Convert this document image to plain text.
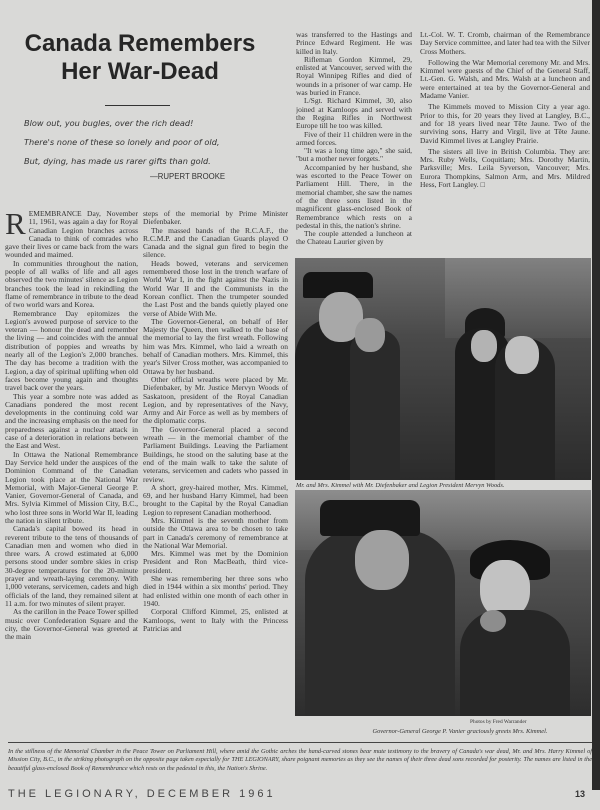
Canada Remembers
Her War-Dead
Blow out, you bugles, over the rich dead!
There's none of these so lonely and poor of old,
But, dying, has made us rarer gifts than gold.
—RUPERT BROOKE

REMEMBRANCE Day, November 11, 1961, was again a day for Royal Canadian Legion branches across Canada to think of comrades who gave their lives or came back from the wars wounded and maimed.

In communities throughout the nation, people of all walks of life and all ages observed the two minutes' silence as Legion branches took the lead in rekindling the flame of remembrance in tribute to the dead of two world wars and Korea.

Remembrance Day epitomizes the Legion's avowed purpose of service to the veteran — honour the dead and remember the living — and coincides with the annual distribution of poppies and wreaths by nearly all of the Legion's 2,000 branches. The day has become a tradition with the Legion, a day of spiritual uplifting when old faces become young again and thoughts travel back over the years.

This year a sombre note was added as Canadians pondered the most recent developments in the continuing cold war and the increasing emphasis on the need for preparedness against a nuclear attack in case of a deterioration in relations between the East and West.

In Ottawa the National Remembrance Day Service held under the auspices of the Dominion Command of the Canadian Legion took place at the National War Memorial, with Major-General George P. Vanier, Governor-General of Canada, and Mrs. Sylvia Kimmel of Mission City, B.C., who lost three sons in World War II, leading the nation in silent tribute.

Canada's capital bowed its head in reverent tribute to the tens of thousands of Canadian men and women who died in three wars. A crowd estimated at 6,000 persons stood under sombre skies in crisp 30-degree temperatures for the 20-minute prayer and wreath-laying ceremony. With 1,000 veterans, servicemen, cadets and high officials of the land, they remained silent at 11 a.m. for two minutes of silent prayer.

As the carillon in the Peace Tower spilled music over Confederation Square and the city, the Governor-General was greeted at the main

steps of the memorial by Prime Minister Diefenbaker.

The massed bands of the R.C.A.F., the R.C.M.P. and the Canadian Guards played O Canada and the signal gun fired to begin the silence.

Heads bowed, veterans and servicemen remembered those lost in the trench warfare of World War I, in the fight against the Nazis in World War II and the Communists in the Korean conflict. Then the trumpeter sounded the Last Post and the bands quietly played one verse of Abide With Me.

The Governor-General, on behalf of Her Majesty the Queen, then walked to the base of the memorial to lay the first wreath. Following him was Mrs. Kimmel, who laid a wreath on behalf of Canadian mothers. Mrs. Kimmel, this year's Silver Cross mother, was accompanied to Ottawa by her husband.

Other official wreaths were placed by Mr. Diefenbaker, by Mr. Justice Mervyn Woods of Saskatoon, president of the Royal Canadian Legion, and by representatives of the Navy, Army and Air Force as well as by members of the diplomatic corps.

The Governor-General placed a second wreath — in the memorial chamber of the Parliament Buildings. Leaving the Parliament Buildings, he stood on the saluting base at the end of the main walk to take the salute of veterans, servicemen and cadets who passed in review.

A short, grey-haired mother, Mrs. Kimmel, 69, and her husband Harry Kimmel, had been brought to the Capital by the Royal Canadian Legion to represent Canadian motherhood.

Mrs. Kimmel is the seventh mother from outside the Ottawa area to be chosen to take part in Canada's ceremony of remembrance at the National War Memorial.

Mrs. Kimmel was met by the Dominion President and Ron MacBeath, third vice-president.

She was remembering her three sons who died in 1944 within a six months' period. They had enlisted within one month of each other in 1940.

Corporal Clifford Kimmel, 25, enlisted at Kamloops, went to Italy with the Princess Patricias and

was transferred to the Hastings and Prince Edward Regiment. He was killed in Italy.

Rifleman Gordon Kimmel, 29, enlisted at Vancouver, served with the Royal Winnipeg Rifles and died of wounds in a prisoner of war camp. He was buried in France.

L/Sgt. Richard Kimmel, 30, also joined at Kamloops and served with the Regina Rifles in Northwest Europe till he too was killed.

Five of their 11 children were in the armed forces.

"It was a long time ago," she said, "but a mother never forgets."

Accompanied by her husband, she was escorted to the Peace Tower on Parliament Hill. There, in the memorial chamber, she saw the names of the three sons listed in the magnificent glass-enclosed Book of Remembrance which rests on a pedestal in this, the nation's shrine.

The couple attended a luncheon at the Chateau Laurier given by

Lt.-Col. W. T. Cromb, chairman of the Remembrance Day Service committee, and later had tea with the Silver Cross Mothers.

Following the War Memorial ceremony Mr. and Mrs. Kimmel were guests of the Chief of the General Staff, Lt.-Gen. G. Walsh, and Mrs. Walsh at a luncheon and were entertained at tea by the Governor-General and Madame Vanier.

The Kimmels moved to Mission City a year ago. Prior to this, for 20 years they lived at Langley, B.C., and for 18 years lived near Tête Jaune. Two of the surviving sons, Harry and Virgil, live at Tête Jaune. David Kimmel lives at Langley Prairie.

The sisters all live in British Columbia. They are: Mrs. Ruby Wells, Coquitlam; Mrs. Dorothy Martin, Parksville; Mrs. Leila Syverson, Vancouver; Mrs. Eurora Thompkins, Salmon Arm, and Mrs. Mildred Hess, Fort Langley. □

Mr. and Mrs. Kimmel with Mr. Diefenbaker and Legion President Mervyn Woods.
Photos by Fred Warrander
Governor-General George P. Vanier graciously greets Mrs. Kimmel.
In the stillness of the Memorial Chamber in the Peace Tower on Parliament Hill, where amid the Gothic arches the hand-carved stones bear mute testimony to the bravery of Canada's war dead, Mr. and Mrs. Harry Kimmel of Mission City, B.C., in the striking photograph on the opposite page taken especially for THE LEGIONARY, share poignant memories as they see the names of their three dead sons recorded for posterity. The names are listed in the beautiful glass-enclosed Book of Remembrance which rests on the pedestal in this, the Nation's Shrine.
THE LEGIONARY, DECEMBER 1961	13
